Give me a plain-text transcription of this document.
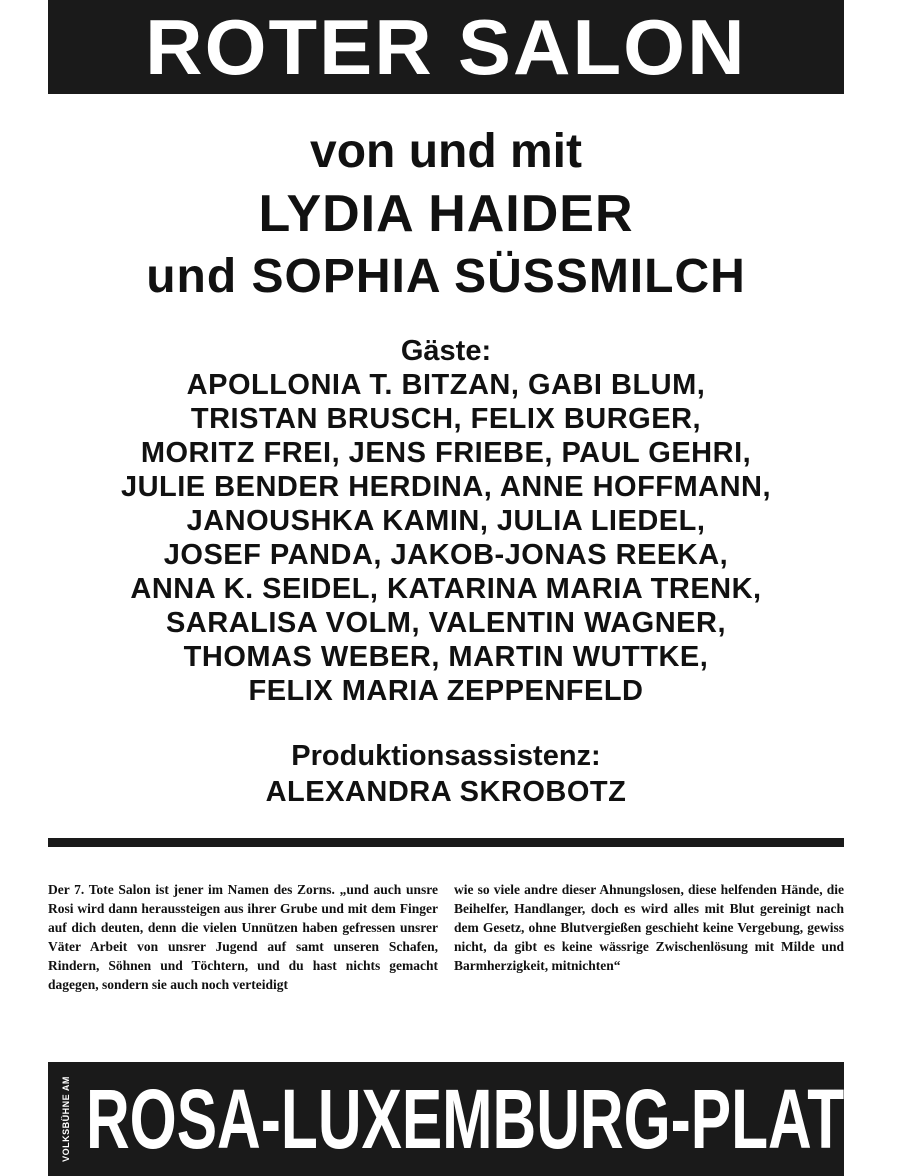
ROTER SALON
von und mit
LYDIA HAIDER
und SOPHIA SÜSSMILCH
Gäste:
APOLLONIA T. BITZAN, GABI BLUM,
TRISTAN BRUSCH, FELIX BURGER,
MORITZ FREI, JENS FRIEBE, PAUL GEHRI,
JULIE BENDER HERDINA, ANNE HOFFMANN,
JANOUSHKA KAMIN, JULIA LIEDEL,
JOSEF PANDA, JAKOB-JONAS REEKA,
ANNA K. SEIDEL, KATARINA MARIA TRENK,
SARALISA VOLM, VALENTIN WAGNER,
THOMAS WEBER, MARTIN WUTTKE,
FELIX MARIA ZEPPENFELD
Produktionsassistenz:
ALEXANDRA SKROBOTZ

Der 7. Tote Salon ist jener im Namen des Zorns. „und auch unsre Rosi wird dann heraussteigen aus ihrer Grube und mit dem Finger auf dich deuten, denn die vielen Unnützen haben gefressen unsrer Väter Arbeit von unsrer Jugend auf samt unseren Schafen, Rindern, Söhnen und Töchtern, und du hast nichts gemacht dagegen, sondern sie auch noch verteidigt

wie so viele andre dieser Ahnungslosen, diese helfenden Hände, die Beihelfer, Handlanger, doch es wird alles mit Blut gereinigt nach dem Gesetz, ohne Blutvergießen geschieht keine Vergebung, gewiss nicht, da gibt es keine wässrige Zwischenlösung mit Milde und Barmherzigkeit, mitnichten“

VOLKSBÜHNE AM ROSA-LUXEMBURG-PLATZ
